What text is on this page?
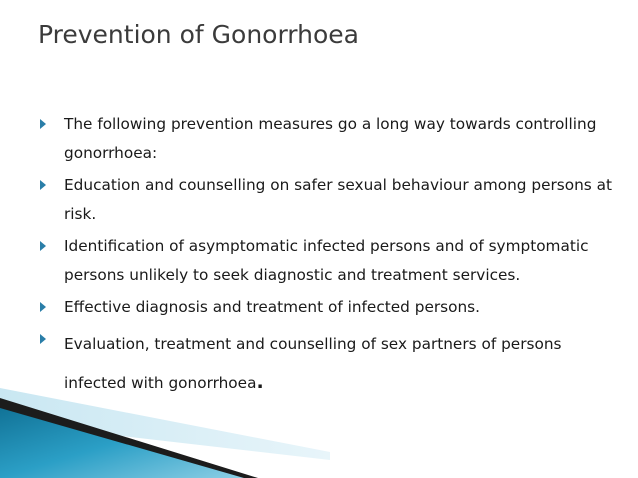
Prevention of Gonorrhoea
The following prevention measures go a long way towards controlling gonorrhoea:
Education and counselling on safer sexual behaviour among persons at risk.
Identification of asymptomatic infected persons and of symptomatic persons unlikely to seek diagnostic and treatment services.
Effective diagnosis and treatment of infected persons.
Evaluation, treatment and counselling of sex partners of persons infected with gonorrhoea.
